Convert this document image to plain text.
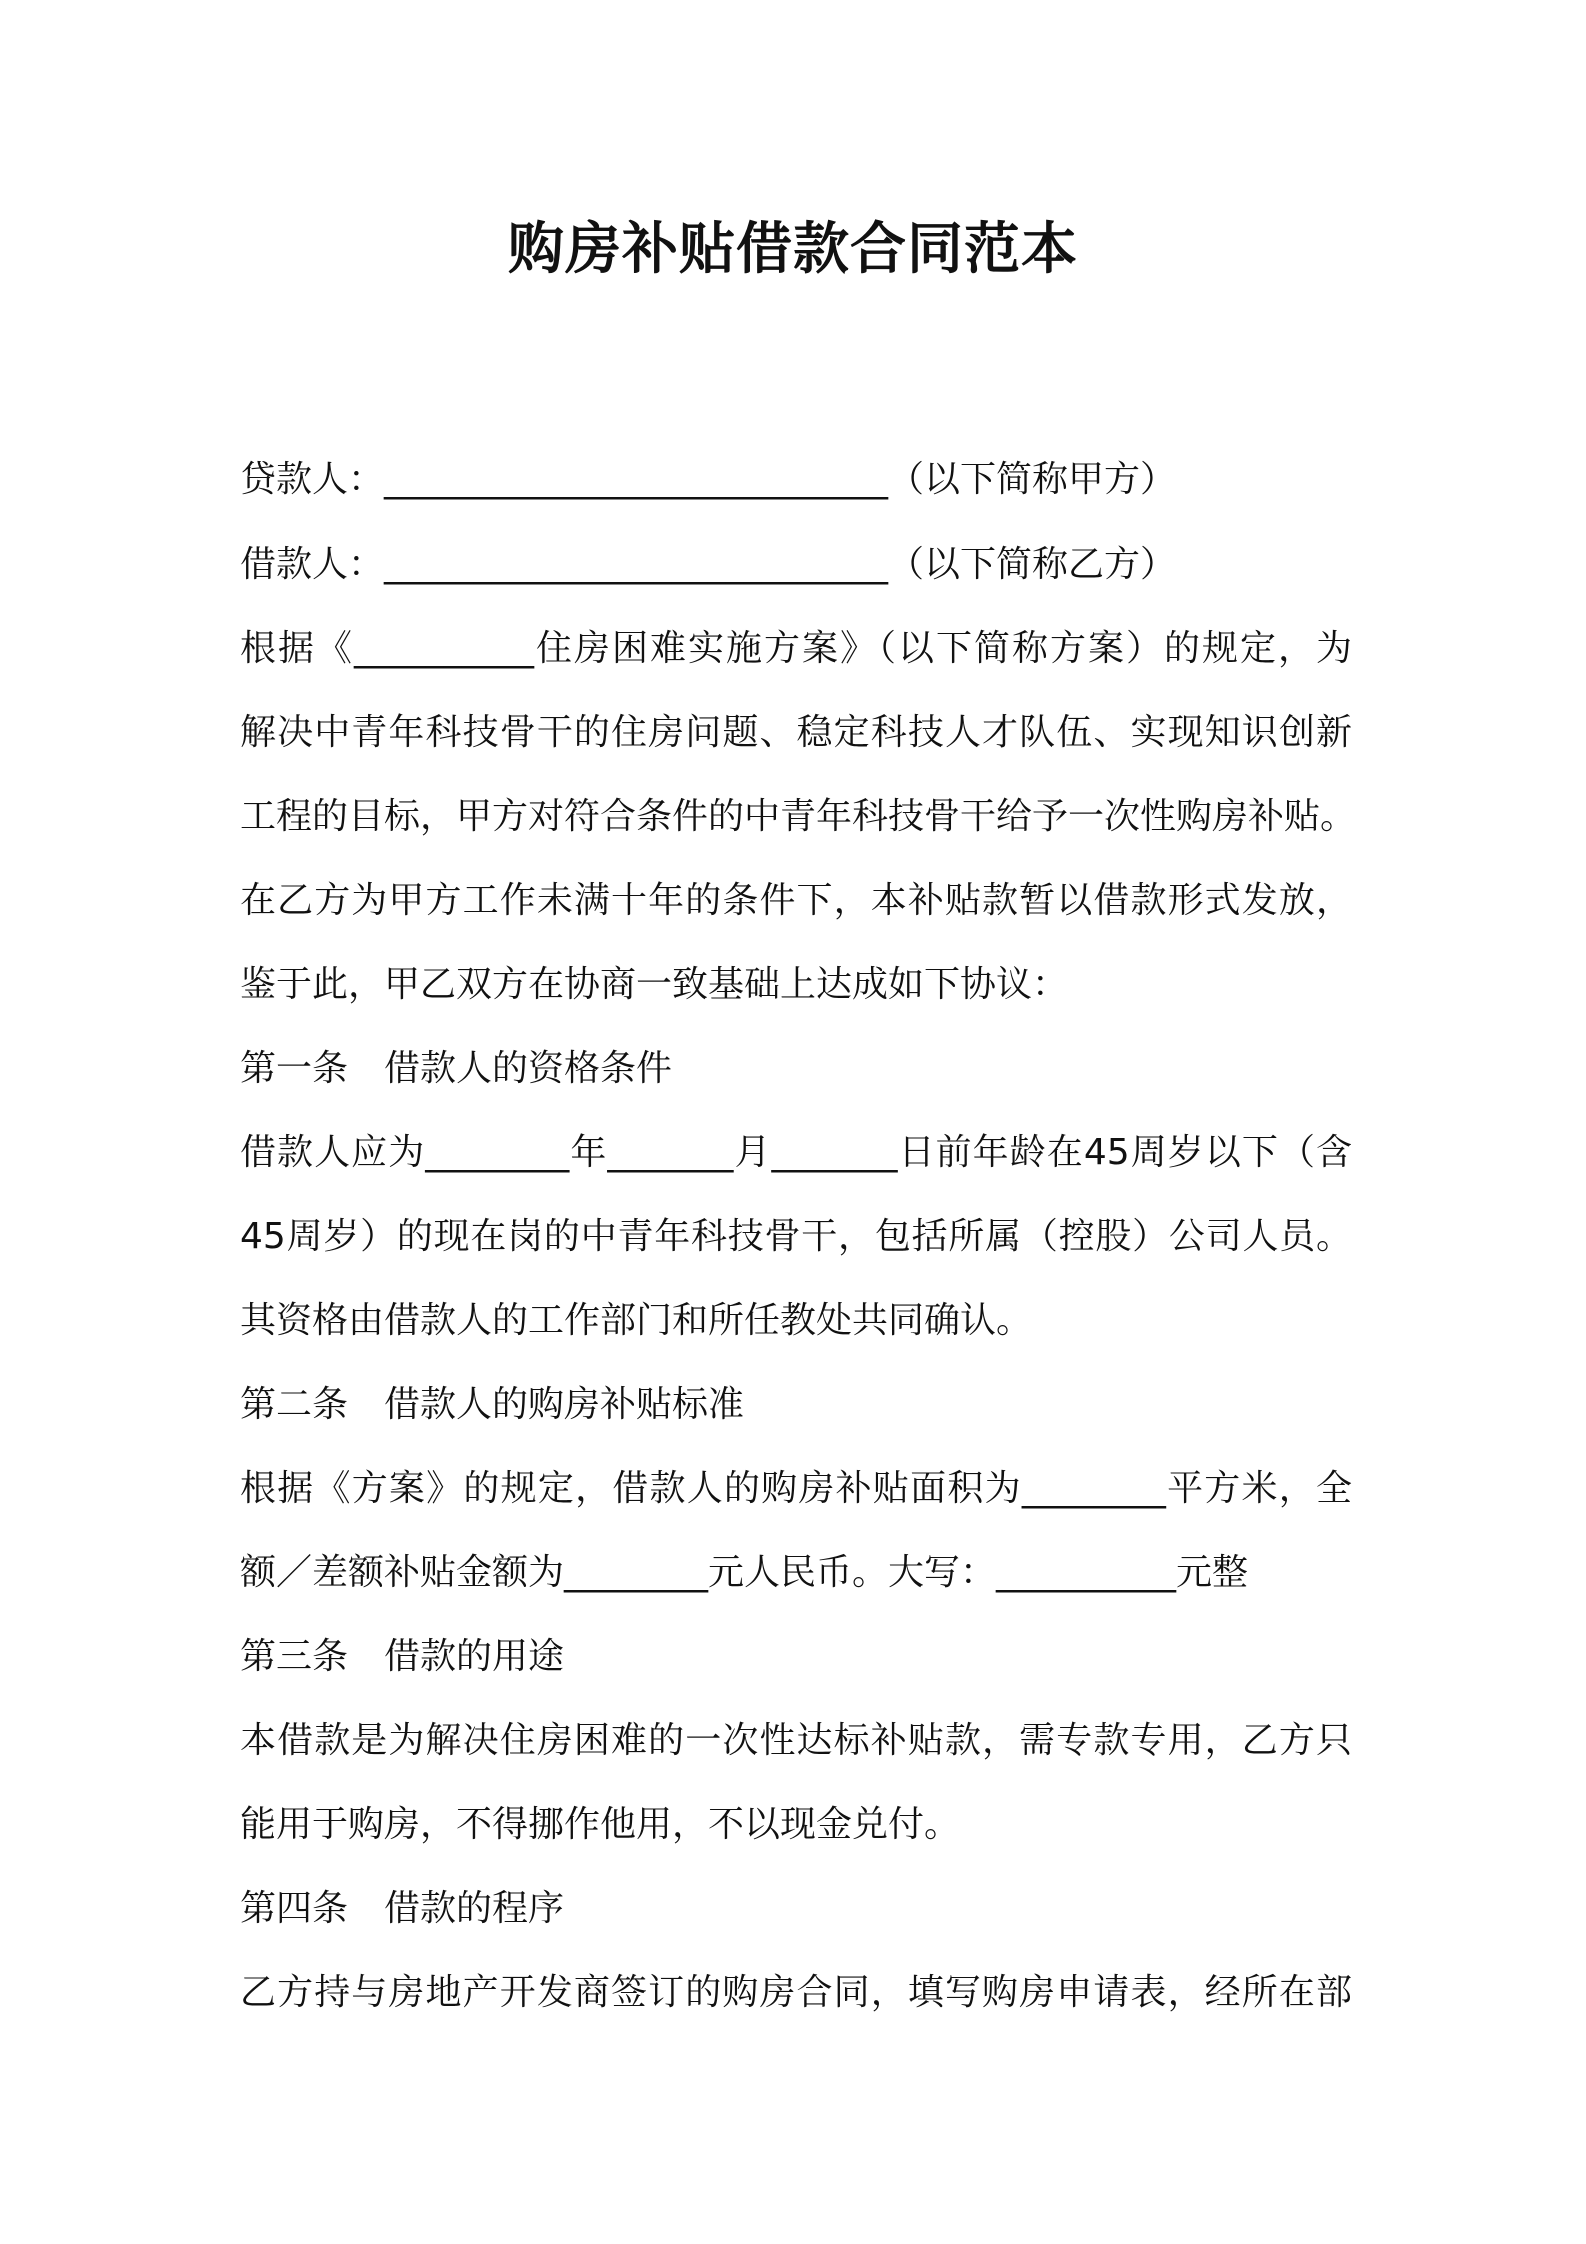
购房补贴借款合同范本
贷款人：____________________________（以下简称甲方）
借款人：____________________________（以下简称乙方）
根据《__________住房困难实施方案》（以下简称方案）的规定，为
解决中青年科技骨干的住房问题、稳定科技人才队伍、实现知识创新
工程的目标，甲方对符合条件的中青年科技骨干给予一次性购房补贴。
在乙方为甲方工作未满十年的条件下，本补贴款暂以借款形式发放，
鉴于此，甲乙双方在协商一致基础上达成如下协议：
第一条 借款人的资格条件
借款人应为________年_______月_______日前年龄在45周岁以下（含
45周岁）的现在岗的中青年科技骨干，包括所属（控股）公司人员。
其资格由借款人的工作部门和所任教处共同确认。
第二条 借款人的购房补贴标准
根据《方案》的规定，借款人的购房补贴面积为________平方米，全
额／差额补贴金额为________元人民币。大写：__________元整
第三条 借款的用途
本借款是为解决住房困难的一次性达标补贴款，需专款专用，乙方只
能用于购房，不得挪作他用，不以现金兑付。
第四条 借款的程序
乙方持与房地产开发商签订的购房合同，填写购房申请表，经所在部
